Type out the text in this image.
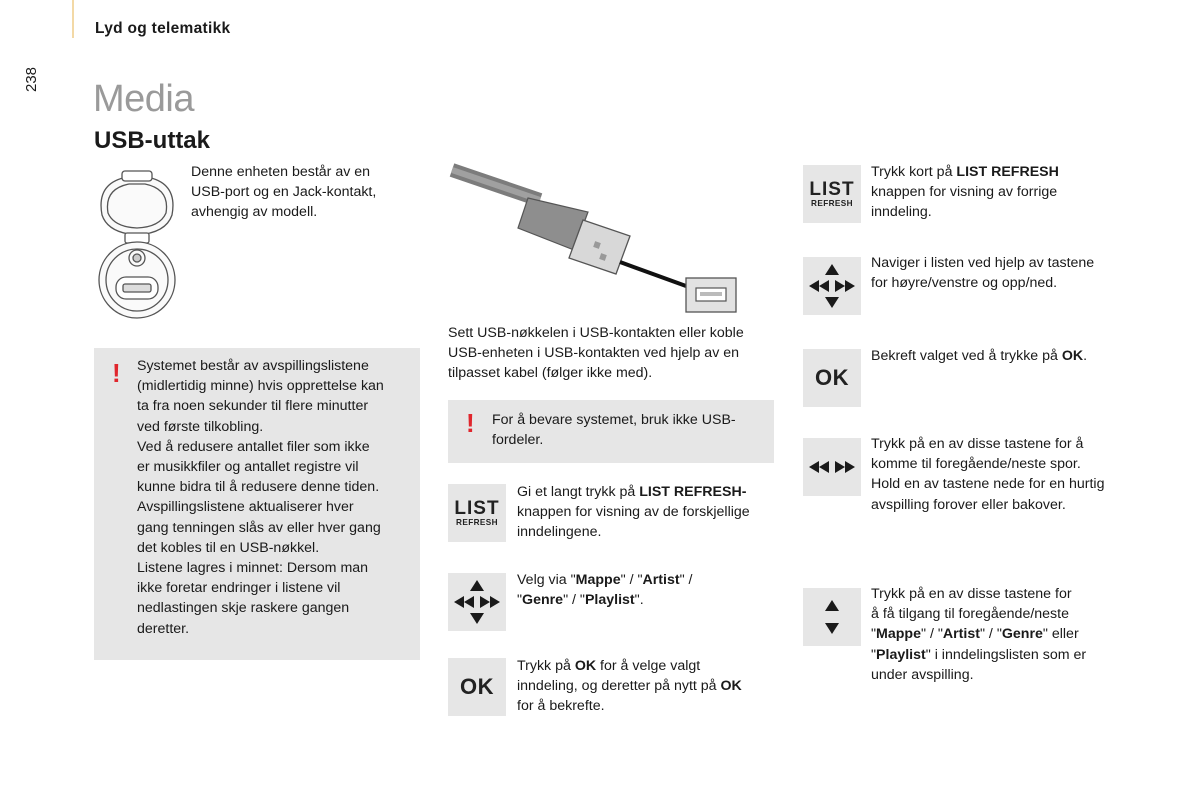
Lyd og telematikk
238 Media
USB-uttak
Denne enheten består av en USB-port og en Jack-kontakt, avhengig av modell.
! Systemet består av avspillingslistene
(midlertidig minne) hvis opprettelse kan
ta fra noen sekunder til flere minutter
ved første tilkobling.
Ved å redusere antallet filer som ikke
er musikkfiler og antallet registre vil
kunne bidra til å redusere denne tiden.
Avspillingslistene aktualiserer hver
gang tenningen slås av eller hver gang
det kobles til en USB-nøkkel.
Listene lagres i minnet: Dersom man
ikke foretar endringer i listene vil
nedlastingen skje raskere gangen
deretter.
Sett USB-nøkkelen i USB-kontakten eller koble
USB-enheten i USB-kontakten ved hjelp av en
tilpasset kabel (følger ikke med).
! For å bevare systemet, bruk ikke USB-
fordeler.
LIST
REFRESH
Gi et langt trykk på LIST REFRESH-
knappen for visning av de forskjellige
inndelingene.
Velg via "Mappe" / "Artist" /
"Genre" / "Playlist".
OK
Trykk på OK for å velge valgt
inndeling, og deretter på nytt på OK
for å bekrefte.
LIST
REFRESH
Trykk kort på LIST REFRESH
knappen for visning av forrige
inndeling.
Naviger i listen ved hjelp av tastene
for høyre/venstre og opp/ned.
OK
Bekreft valget ved å trykke på OK.
Trykk på en av disse tastene for å
komme til foregående/neste spor.
Hold en av tastene nede for en hurtig
avspilling forover eller bakover.
Trykk på en av disse tastene for
å få tilgang til foregående/neste
"Mappe" / "Artist" / "Genre" eller
"Playlist" i inndelingslisten som er
under avspilling.
